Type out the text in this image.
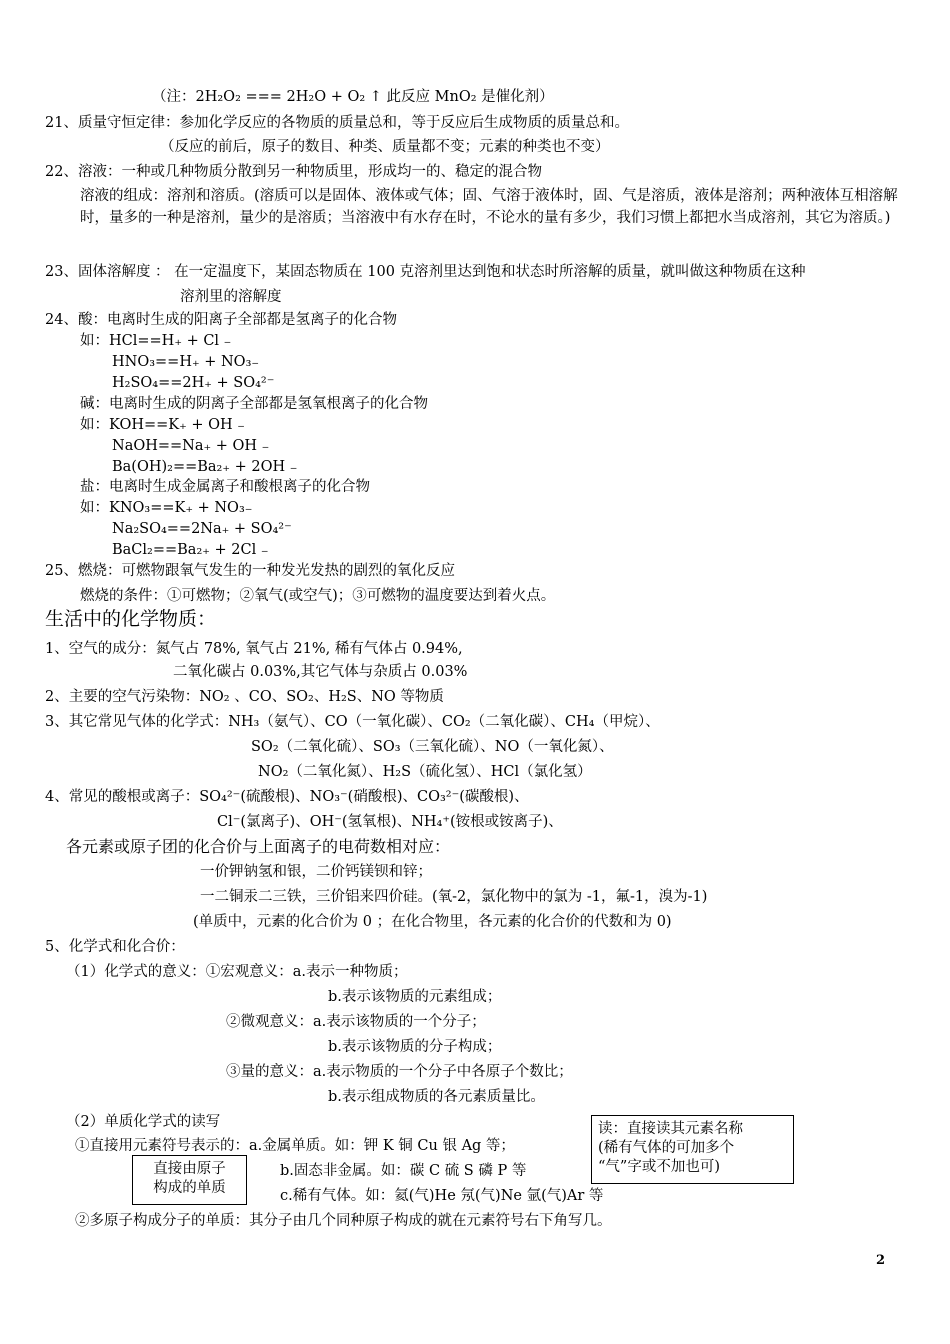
（注：2H₂O₂ === 2H₂O + O₂ ↑ 此反应 MnO₂ 是催化剂）
21、质量守恒定律：参加化学反应的各物质的质量总和，等于反应后生成物质的质量总和。
（反应的前后，原子的数目、种类、质量都不变；元素的种类也不变）
22、溶液：一种或几种物质分散到另一种物质里，形成均一的、稳定的混合物
溶液的组成：溶剂和溶质。(溶质可以是固体、液体或气体；固、气溶于液体时，固、气是溶质，液体是溶剂；两种液体互相溶解时，量多的一种是溶剂，量少的是溶质；当溶液中有水存在时，不论水的量有多少，我们习惯上都把水当成溶剂，其它为溶质。)
23、固体溶解度 ： 在一定温度下，某固态物质在 100 克溶剂里达到饱和状态时所溶解的质量，就叫做这种物质在这种
溶剂里的溶解度
24、酸：电离时生成的阳离子全部都是氢离子的化合物
如：HCl==H₊ + Cl ₋
HNO₃==H₊ + NO₃₋
H₂SO₄==2H₊ + SO₄²⁻
碱：电离时生成的阴离子全部都是氢氧根离子的化合物
如：KOH==K₊ + OH ₋
NaOH==Na₊ + OH ₋
Ba(OH)₂==Ba₂₊ + 2OH ₋
盐：电离时生成金属离子和酸根离子的化合物
如：KNO₃==K₊ + NO₃₋
Na₂SO₄==2Na₊ + SO₄²⁻
BaCl₂==Ba₂₊ + 2Cl ₋
25、燃烧：可燃物跟氧气发生的一种发光发热的剧烈的氧化反应
燃烧的条件：①可燃物；②氧气(或空气)；③可燃物的温度要达到着火点。
生活中的化学物质：
1、空气的成分：氮气占 78%, 氧气占 21%, 稀有气体占 0.94%,
二氧化碳占 0.03%,其它气体与杂质占 0.03%
2、主要的空气污染物：NO₂ 、CO、SO₂、H₂S、NO 等物质
3、其它常见气体的化学式：NH₃（氨气）、CO（一氧化碳）、CO₂（二氧化碳）、CH₄（甲烷）、
SO₂（二氧化硫）、SO₃（三氧化硫）、NO（一氧化氮）、
NO₂（二氧化氮）、H₂S（硫化氢）、HCl（氯化氢）
4、常见的酸根或离子：SO₄²⁻(硫酸根)、NO₃⁻(硝酸根)、CO₃²⁻(碳酸根)、
Cl⁻(氯离子)、OH⁻(氢氧根)、NH₄⁺(铵根或铵离子)、
各元素或原子团的化合价与上面离子的电荷数相对应：
一价钾钠氢和银，二价钙镁钡和锌；
一二铜汞二三铁，三价铝来四价硅。(氧-2，氯化物中的氯为 -1，氟-1，溴为-1)
(单质中，元素的化合价为 0 ；在化合物里，各元素的化合价的代数和为 0)
5、化学式和化合价：
（1）化学式的意义：①宏观意义：a.表示一种物质；
b.表示该物质的元素组成；
②微观意义：a.表示该物质的一个分子；
b.表示该物质的分子构成；
③量的意义：a.表示物质的一个分子中各原子个数比；
b.表示组成物质的各元素质量比。
（2）单质化学式的读写
①直接用元素符号表示的：a.金属单质。如：钾 K 铜 Cu 银 Ag 等；
b.固态非金属。如：碳 C 硫 S 磷 P 等
c.稀有气体。如：氦(气)He 氖(气)Ne 氩(气)Ar 等
②多原子构成分子的单质：其分子由几个同种原子构成的就在元素符号右下角写几。
读：直接读其元素名称
(稀有气体的可加多个
“气”字或不加也可)
直接由原子
构成的单质
2
